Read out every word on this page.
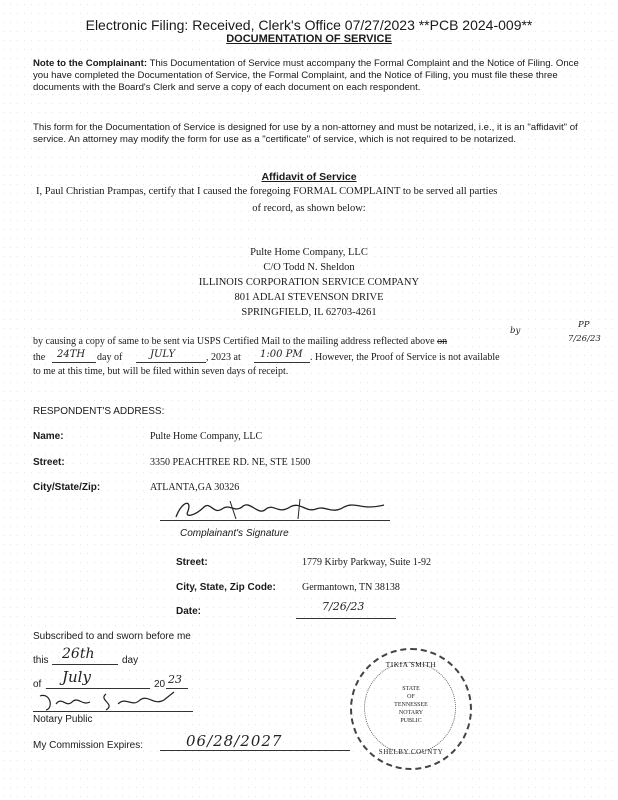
Electronic Filing: Received, Clerk's Office 07/27/2023 **PCB 2024-009**
DOCUMENTATION OF SERVICE
Note to the Complainant: This Documentation of Service must accompany the Formal Complaint and the Notice of Filing. Once you have completed the Documentation of Service, the Formal Complaint, and the Notice of Filing, you must file these three documents with the Board's Clerk and serve a copy of each document on each respondent.
This form for the Documentation of Service is designed for use by a non-attorney and must be notarized, i.e., it is an "affidavit" of service. An attorney may modify the form for use as a "certificate" of service, which is not required to be notarized.
Affidavit of Service
I, Paul Christian Prampas, certify that I caused the foregoing FORMAL COMPLAINT to be served all parties
of record, as shown below:
Pulte Home Company, LLC
C/O Todd N. Sheldon
ILLINOIS CORPORATION SERVICE COMPANY
801 ADLAI STEVENSON DRIVE
SPRINGFIELD, IL 62703-4261
by causing a copy of same to be sent via USPS Certified Mail to the mailing address reflected above on
by
PP
7/26/23
the 24TH day of	JULY	, 2023 at 1:00 PM . However, the Proof of Service is not available
to me at this time, but will be filed within seven days of receipt.
RESPONDENT'S ADDRESS:
Name:	Pulte Home Company, LLC
Street:	3350 PEACHTREE RD. NE, STE 1500
City/State/Zip:	ATLANTA,GA 30326
Complainant's Signature
Street:	1779 Kirby Parkway, Suite 1-92
City, State, Zip Code:	Germantown, TN 38138
Date:	7/26/23
Subscribed to and sworn before me
this 26th	day
of July	20 23
Notary Public
My Commission Expires:	06/28/2027
TIKIA SMITH
STATE
OF
TENNESSEE
NOTARY
PUBLIC
SHELBY COUNTY
